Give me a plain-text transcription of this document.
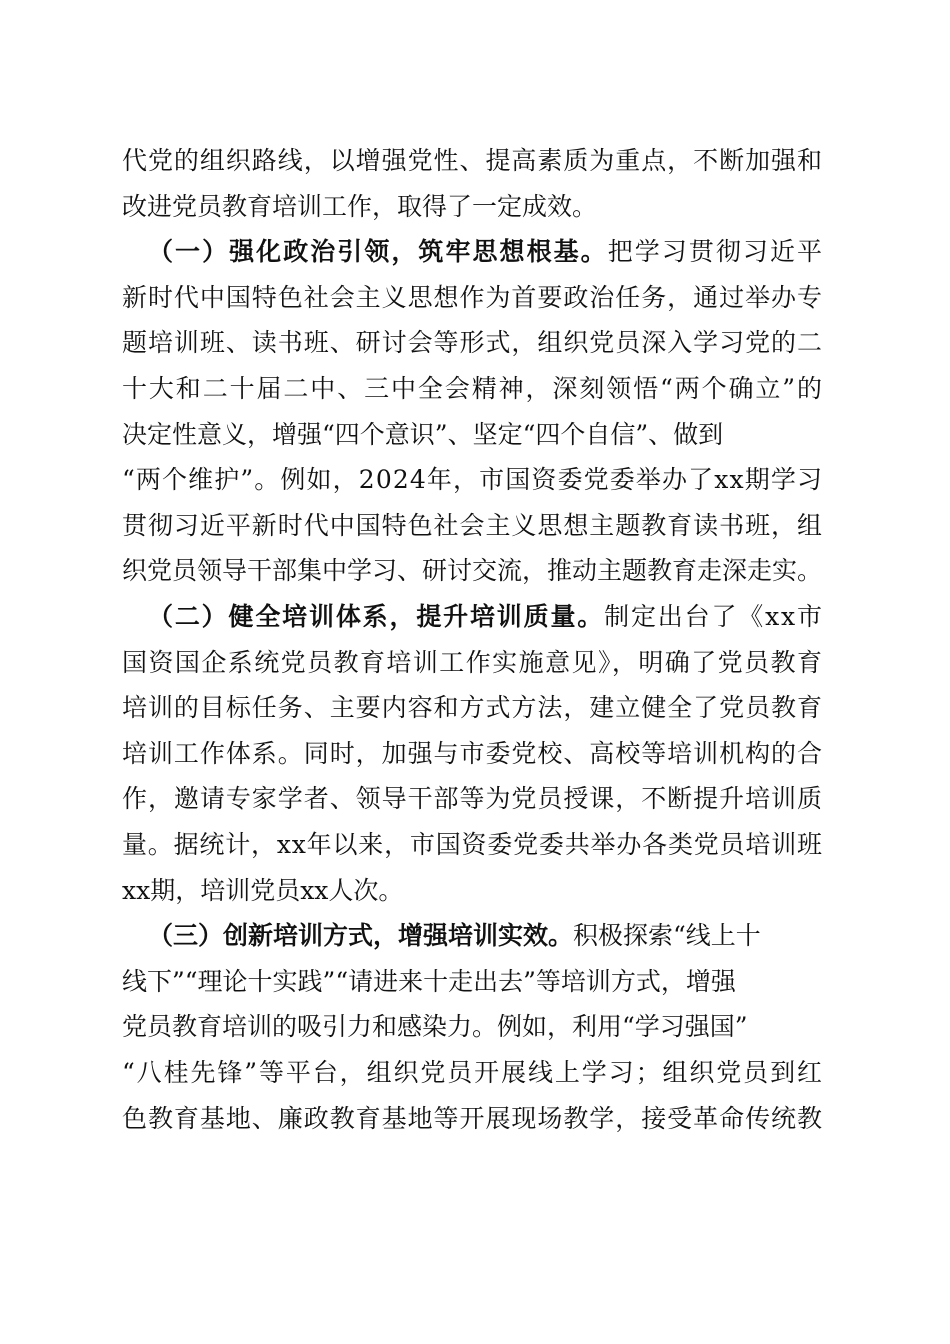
代党的组织路线，以增强党性、提高素质为重点，不断加强和
改进党员教育培训工作，取得了一定成效。
（一）强化政治引领，筑牢思想根基。把学习贯彻习近平
新时代中国特色社会主义思想作为首要政治任务，通过举办专
题培训班、读书班、研讨会等形式，组织党员深入学习党的二
十大和二十届二中、三中全会精神，深刻领悟“两个确立”的
决定性意义，增强“四个意识”、坚定“四个自信”、做到
“两个维护”。例如，2024年，市国资委党委举办了xx期学习
贯彻习近平新时代中国特色社会主义思想主题教育读书班，组
织党员领导干部集中学习、研讨交流，推动主题教育走深走实。
（二）健全培训体系，提升培训质量。制定出台了《xx市
国资国企系统党员教育培训工作实施意见》，明确了党员教育
培训的目标任务、主要内容和方式方法，建立健全了党员教育
培训工作体系。同时，加强与市委党校、高校等培训机构的合
作，邀请专家学者、领导干部等为党员授课，不断提升培训质
量。据统计，xx年以来，市国资委党委共举办各类党员培训班
xx期，培训党员xx人次。
（三）创新培训方式，增强培训实效。积极探索“线上十
线下”“理论十实践”“请进来十走出去”等培训方式，增强
党员教育培训的吸引力和感染力。例如，利用“学习强国”
“八桂先锋”等平台，组织党员开展线上学习；组织党员到红
色教育基地、廉政教育基地等开展现场教学，接受革命传统教
